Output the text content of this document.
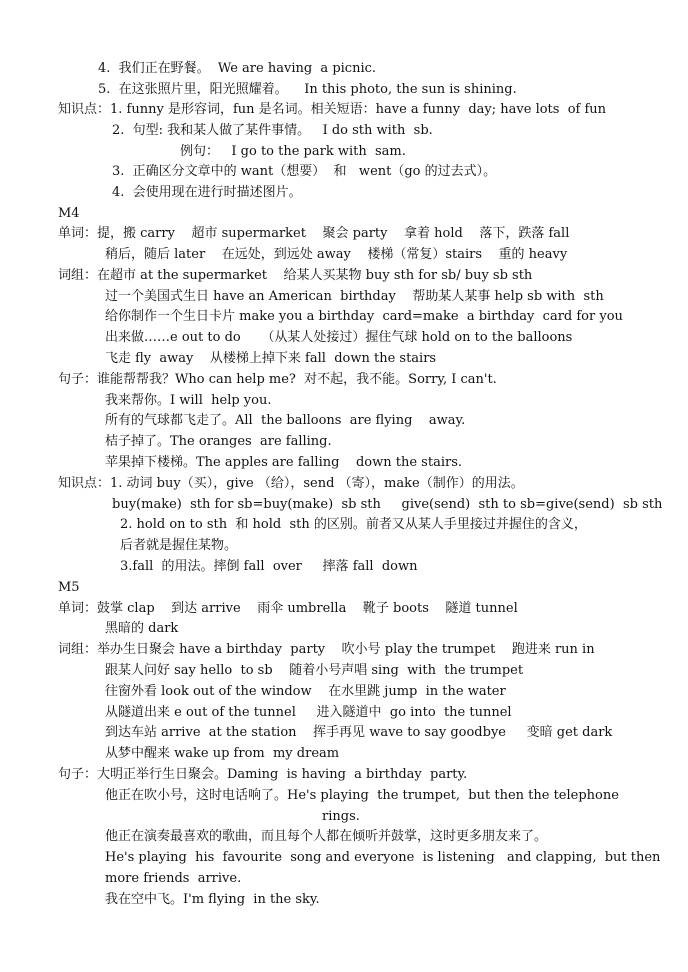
4.  我们正在野餐。  We are having  a picnic.
5.  在这张照片里，阳光照耀着。    In this photo, the sun is shining.
知识点：1. funny 是形容词，fun 是名词。相关短语：have a funny  day; have lots  of fun
2.  句型: 我和某人做了某件事情。   I do sth with  sb.
例句：   I go to the park with  sam.
3.  正确区分文章中的 want（想要）  和   went（go 的过去式）。
4.  会使用现在进行时描述图片。
M4
单词：提，搬 carry    超市 supermarket    聚会 party    拿着 hold    落下，跌落 fall
稍后，随后 later    在远处，到远处 away    楼梯（常复）stairs    重的 heavy
词组：在超市 at the supermarket    给某人买某物 buy sth for sb/ buy sb sth
过一个美国式生日 have an American  birthday    帮助某人某事 help sb with  sth
给你制作一个生日卡片 make you a birthday  card=make  a birthday  card for you
出来做……e out to do     （从某人处接过）握住气球 hold on to the balloons
飞走 fly  away    从楼梯上掉下来 fall  down the stairs
句子：谁能帮帮我？Who can help me?  对不起，我不能。Sorry, I can't.
我来帮你。I will  help you.
所有的气球都飞走了。All  the balloons  are flying    away.
桔子掉了。The oranges  are falling.
苹果掉下楼梯。The apples are falling    down the stairs.
知识点：1. 动词 buy（买），give （给），send （寄），make（制作）的用法。
buy(make)  sth for sb=buy(make)  sb sth     give(send)  sth to sb=give(send)  sb sth
2. hold on to sth  和 hold  sth 的区别。前者又从某人手里接过并握住的含义，
后者就是握住某物。
3.fall  的用法。摔倒 fall  over     摔落 fall  down
M5
单词：鼓掌 clap    到达 arrive    雨伞 umbrella    靴子 boots    隧道 tunnel
黑暗的 dark
词组：举办生日聚会 have a birthday  party    吹小号 play the trumpet    跑进来 run in
跟某人问好 say hello  to sb    随着小号声唱 sing  with  the trumpet
往窗外看 look out of the window    在水里跳 jump  in the water
从隧道出来 e out of the tunnel     进入隧道中  go into  the tunnel
到达车站 arrive  at the station    挥手再见 wave to say goodbye     变暗 get dark
从梦中醒来 wake up from  my dream
句子：大明正举行生日聚会。Daming  is having  a birthday  party.
他正在吹小号，这时电话响了。He's playing  the trumpet,  but then the telephone
rings.
他正在演奏最喜欢的歌曲，而且每个人都在倾听并鼓掌，这时更多朋友来了。
He's playing  his  favourite  song and everyone  is listening   and clapping,  but then
more friends  arrive.
我在空中飞。I'm flying  in the sky.
